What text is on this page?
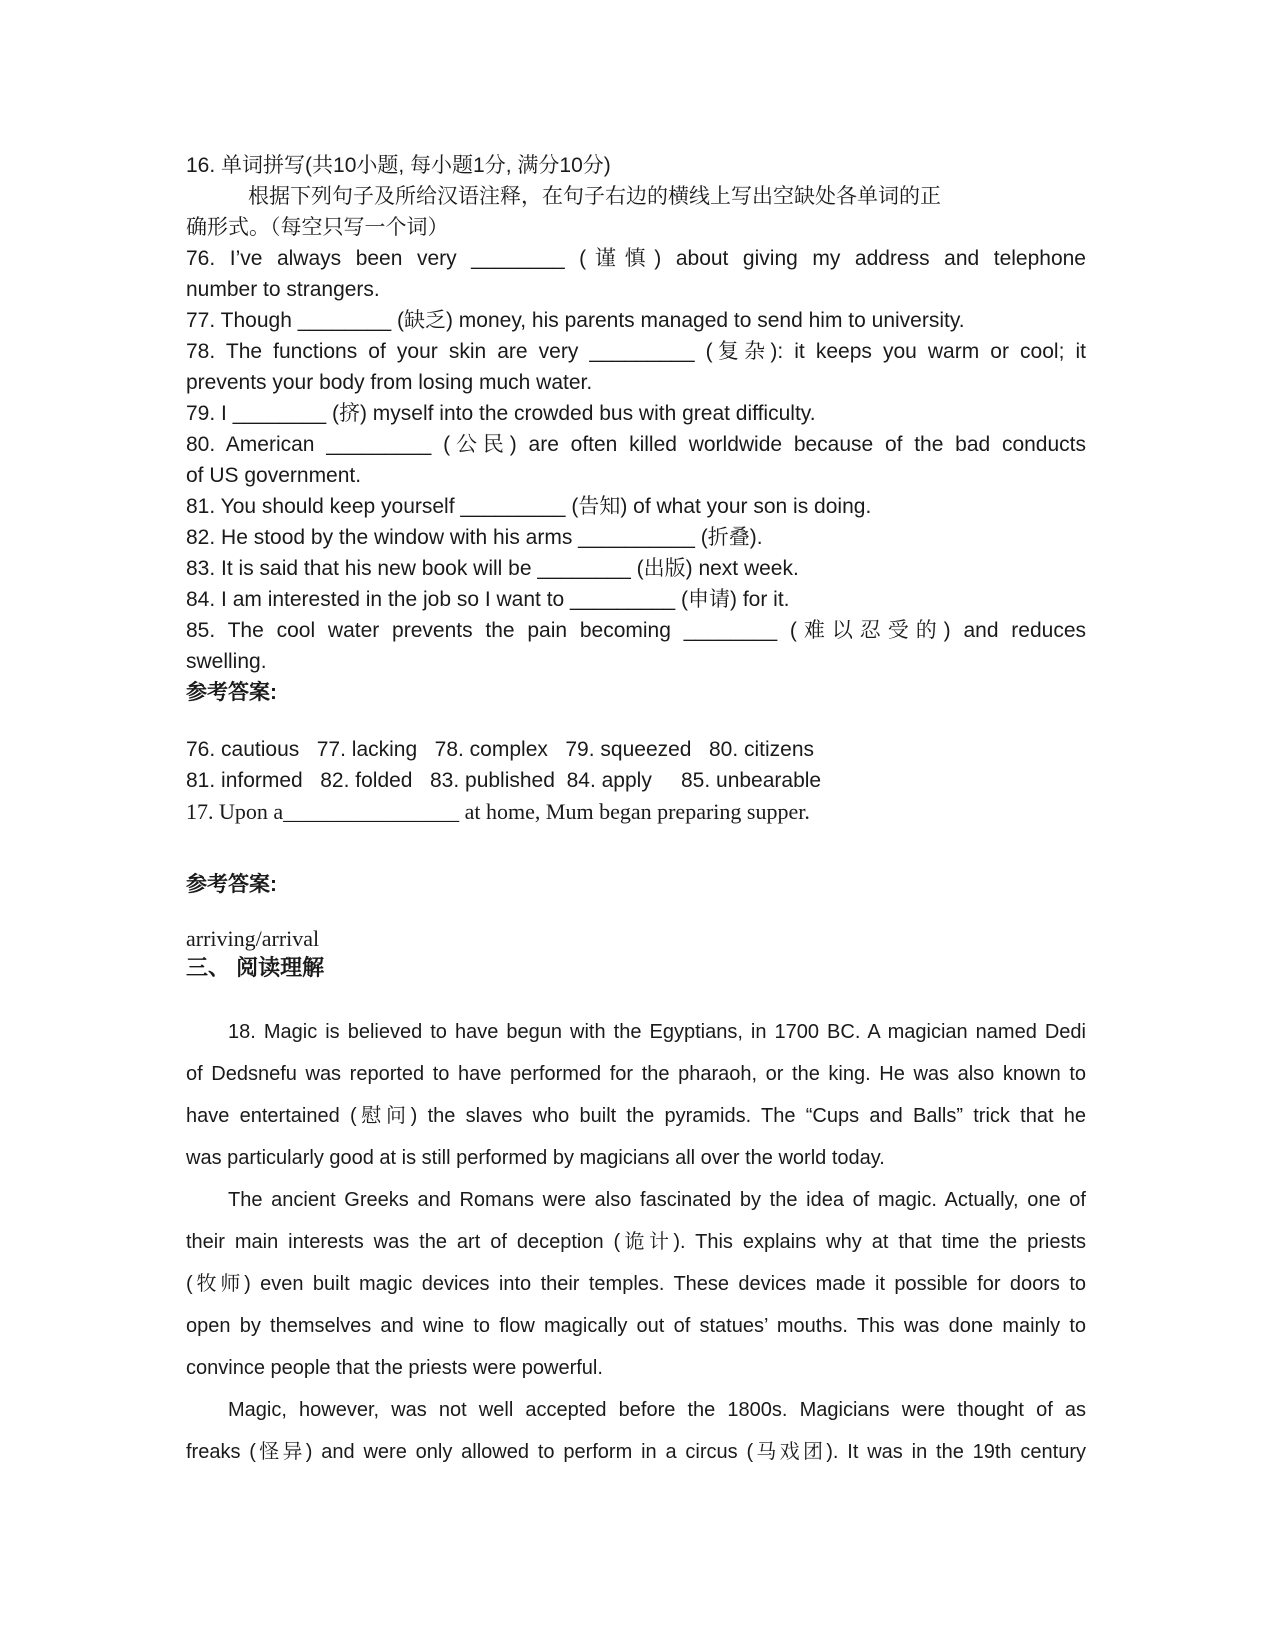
16. 单词拼写(共10小题, 每小题1分, 满分10分)
根据下列句子及所给汉语注释，在句子右边的横线上写出空缺处各单词的正
确形式。（每空只写一个词）
76. I’ve always been very ________ (谨慎) about giving my address and telephone
number to strangers.
77. Though ________ (缺乏) money, his parents managed to send him to university.
78. The functions of your skin are very _________ (复杂): it keeps you warm or cool; it
prevents your body from losing much water.
79. I ________ (挤) myself into the crowded bus with great difficulty.
80. American _________ (公民) are often killed worldwide because of the bad conducts
of US government.
81. You should keep yourself _________ (告知) of what your son is doing.
82. He stood by the window with his arms __________ (折叠).
83. It is said that his new book will be ________ (出版) next week.
84. I am interested in the job so I want to _________ (申请) for it.
85. The cool water prevents the pain becoming ________ (难以忍受的) and reduces
swelling.
参考答案:
76. cautious   77. lacking   78. complex   79. squeezed   80. citizens
81. informed   82. folded   83. published  84. apply     85. unbearable
17. Upon a________________ at home, Mum began preparing supper.
参考答案:
arriving/arrival
三、 阅读理解
18. Magic is believed to have begun with the Egyptians, in 1700 BC. A magician named Dedi
of Dedsnefu was reported to have performed for the pharaoh, or the king. He was also known to
have entertained (慰问) the slaves who built the pyramids. The “Cups and Balls” trick that he
was particularly good at is still performed by magicians all over the world today.
The ancient Greeks and Romans were also fascinated by the idea of magic. Actually, one of
their main interests was the art of deception (诡计). This explains why at that time the priests
(牧师) even built magic devices into their temples. These devices made it possible for doors to
open by themselves and wine to flow magically out of statues’ mouths. This was done mainly to
convince people that the priests were powerful.
Magic, however, was not well accepted before the 1800s. Magicians were thought of as
freaks (怪异) and were only allowed to perform in a circus (马戏团). It was in the 19th century
